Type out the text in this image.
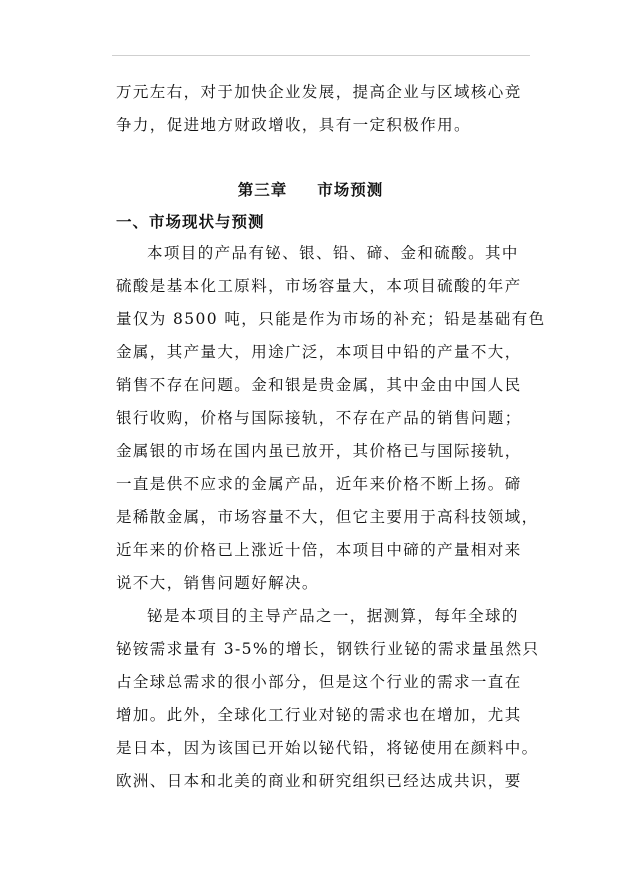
万元左右，对于加快企业发展，提高企业与区域核心竞

争力，促进地方财政增收，具有一定积极作用。

第三章 市场预测
一、市场现状与预测

本项目的产品有铋、银、铅、碲、金和硫酸。其中

硫酸是基本化工原料，市场容量大，本项目硫酸的年产

量仅为 8500 吨，只能是作为市场的补充；铅是基础有色

金属，其产量大，用途广泛，本项目中铅的产量不大，

销售不存在问题。金和银是贵金属，其中金由中国人民

银行收购，价格与国际接轨，不存在产品的销售问题；

金属银的市场在国内虽已放开，其价格已与国际接轨，

一直是供不应求的金属产品，近年来价格不断上扬。碲

是稀散金属，市场容量不大，但它主要用于高科技领域，

近年来的价格已上涨近十倍，本项目中碲的产量相对来

说不大，销售问题好解决。

铋是本项目的主导产品之一，据测算，每年全球的

铋铵需求量有 3-5%的增长，钢铁行业铋的需求量虽然只

占全球总需求的很小部分，但是这个行业的需求一直在

增加。此外，全球化工行业对铋的需求也在增加，尤其

是日本，因为该国已开始以铋代铅，将铋使用在颜料中。

欧洲、日本和北美的商业和研究组织已经达成共识，要
